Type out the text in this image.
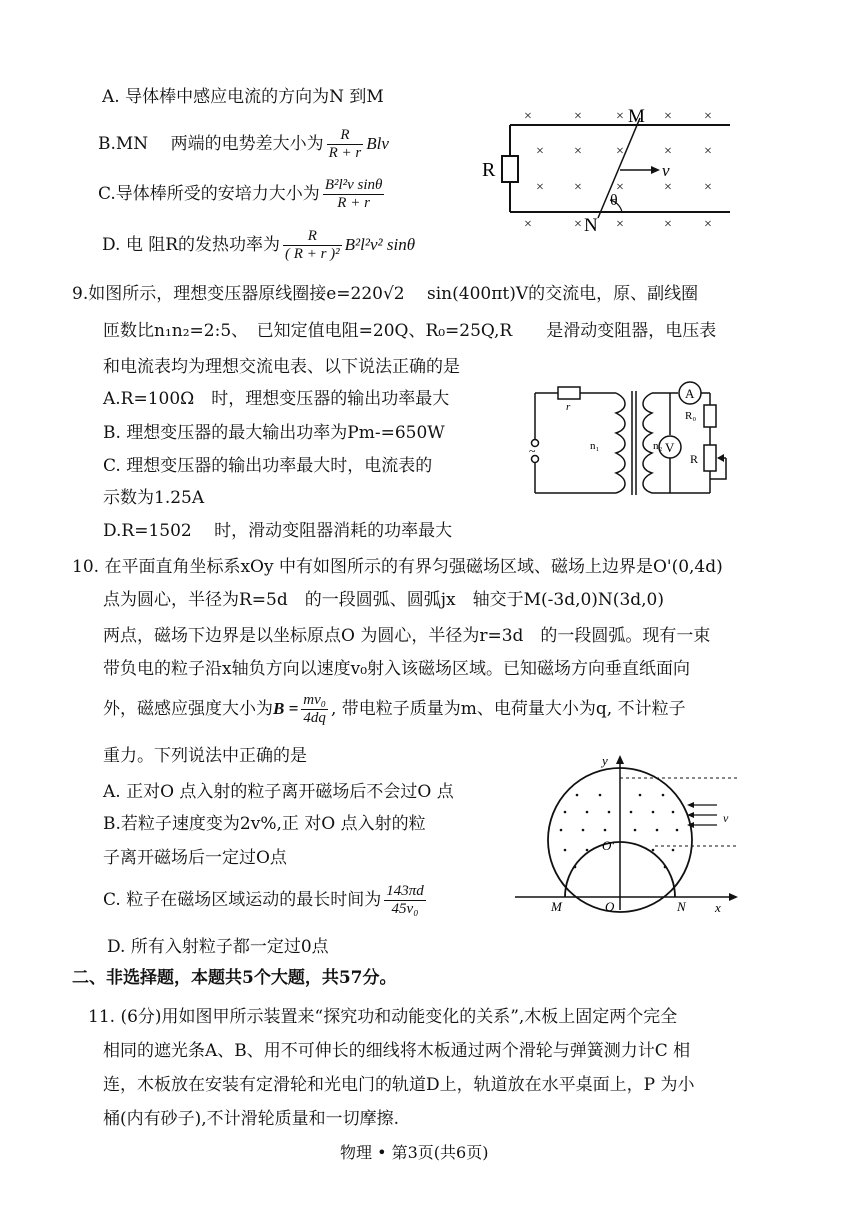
A. 导体棒中感应电流的方向为N 到M
B.MN　 两端的电势差大小为 $\frac{R}{R + r}$ Blv
C.导体棒所受的安培力大小为 $\frac{\text{B²l²v sinθ}}{R + r}$
D. 电 阻R的发热功率为 $\frac{R}{\text{( R + r )²}} B^2l^2v^2$ sinθ
×	× ×	× ×
× × ×	× ×
× × ×	× ×
×	× ×	× ×
R
M
N
v
θ
9.如图所示，理想变压器原线圈接e=220√2　 sin(400πt)V的交流电，原、副线圈
匝数比n₁n₂=2:5、　已知定值电阻=20Q、R₀=25Q,R　　是滑动变阻器，电压表
和电流表均为理想交流电表、以下说法正确的是
A.R=100Ω　时，理想变压器的输出功率最大
B. 理想变压器的最大输出功率为Pm-=650W
C. 理想变压器的输出功率最大时，电流表的
示数为1.25A
D.R=1502　 时，滑动变阻器消耗的功率最大
~
r
n₁	n₂
A
V
R₀
R
10. 在平面直角坐标系xOy 中有如图所示的有界匀强磁场区域、磁场上边界是O'(0,4d)
点为圆心，半径为R=5d　的一段圆弧、圆弧jx　轴交于M(-3d,0)N(3d,0)
两点，磁场下边界是以坐标原点O 为圆心，半径为r=3d　的一段圆弧。现有一束
带负电的粒子沿x轴负方向以速度v₀射入该磁场区域。已知磁场方向垂直纸面向
外，磁感应强度大小为$B = \frac{\text{mv₀}}{4dq}$ , 带电粒子质量为m、电荷量大小为q, 不计粒子
重力。下列说法中正确的是
A. 正对O 点入射的粒子离开磁场后不会过O 点
B.若粒子速度变为2v%,正 对O 点入射的粒
子离开磁场后一定过O点
C. 粒子在磁场区域运动的最长时间为 $\frac{143\pi d}{\text{45v₀}}$
D. 所有入射粒子都一定过0点
y
x
O'
O
M	N
v
二、非选择题，本题共5个大题，共57分。
11. (6分)用如图甲所示装置来“探究功和动能变化的关系”,木板上固定两个完全
相同的遮光条A、B、用不可伸长的细线将木板通过两个滑轮与弹簧测力计C 相
连，木板放在安装有定滑轮和光电门的轨道D上，轨道放在水平桌面上，P 为小
桶(内有砂子),不计滑轮质量和一切摩擦.
物理 • 第3页(共6页)
